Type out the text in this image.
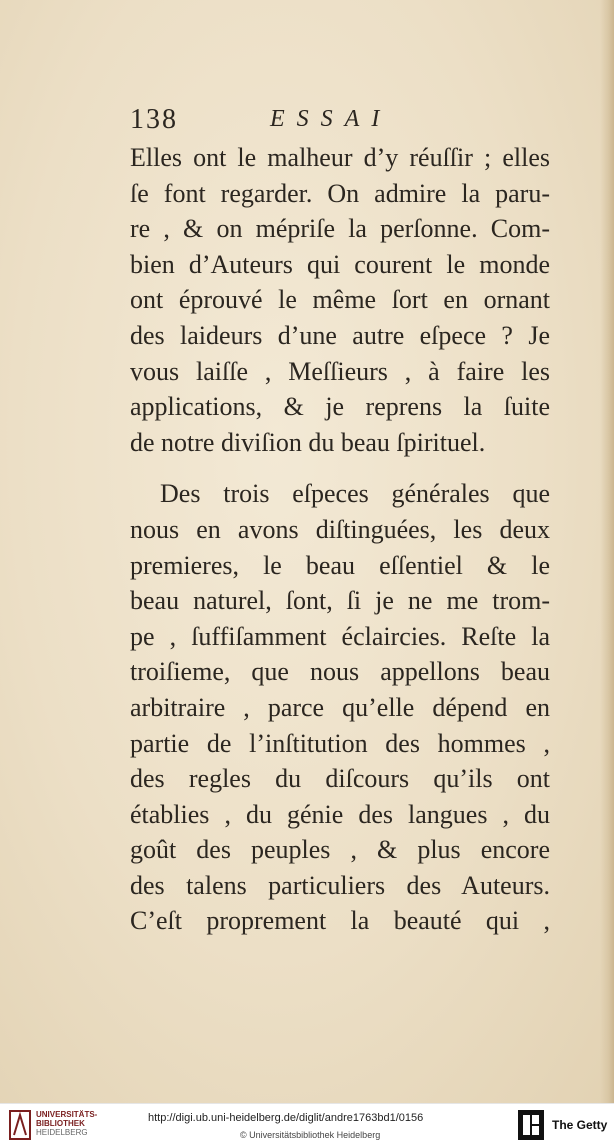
138	ESSAI
Elles ont le malheur d’y réuſſir ; elles
ſe font regarder. On admire la paru-
re , & on mépriſe la perſonne. Com-
bien d’Auteurs qui courent le monde
ont éprouvé le même ſort en ornant
des laideurs d’une autre eſpece ? Je
vous laiſſe , Meſſieurs , à faire les
applications, & je reprens la ſuite
de notre diviſion du beau ſpirituel.
Des trois eſpeces générales que
nous en avons diſtinguées, les deux
premieres, le beau eſſentiel & le
beau naturel, ſont, ſi je ne me trom-
pe , ſuffiſamment éclaircies. Reſte la
troiſieme, que nous appellons beau
arbitraire , parce qu’elle dépend en
partie de l’inſtitution des hommes ,
des regles du diſcours qu’ils ont
établies , du génie des langues , du
goût des peuples , & plus encore
des talens particuliers des Auteurs.
C’eſt proprement la beauté qui ,
UNIVERSITÄTS-
BIBLIOTHEK
HEIDELBERG
http://digi.ub.uni-heidelberg.de/diglit/andre1763bd1/0156
© Universitätsbibliothek Heidelberg
The Getty
